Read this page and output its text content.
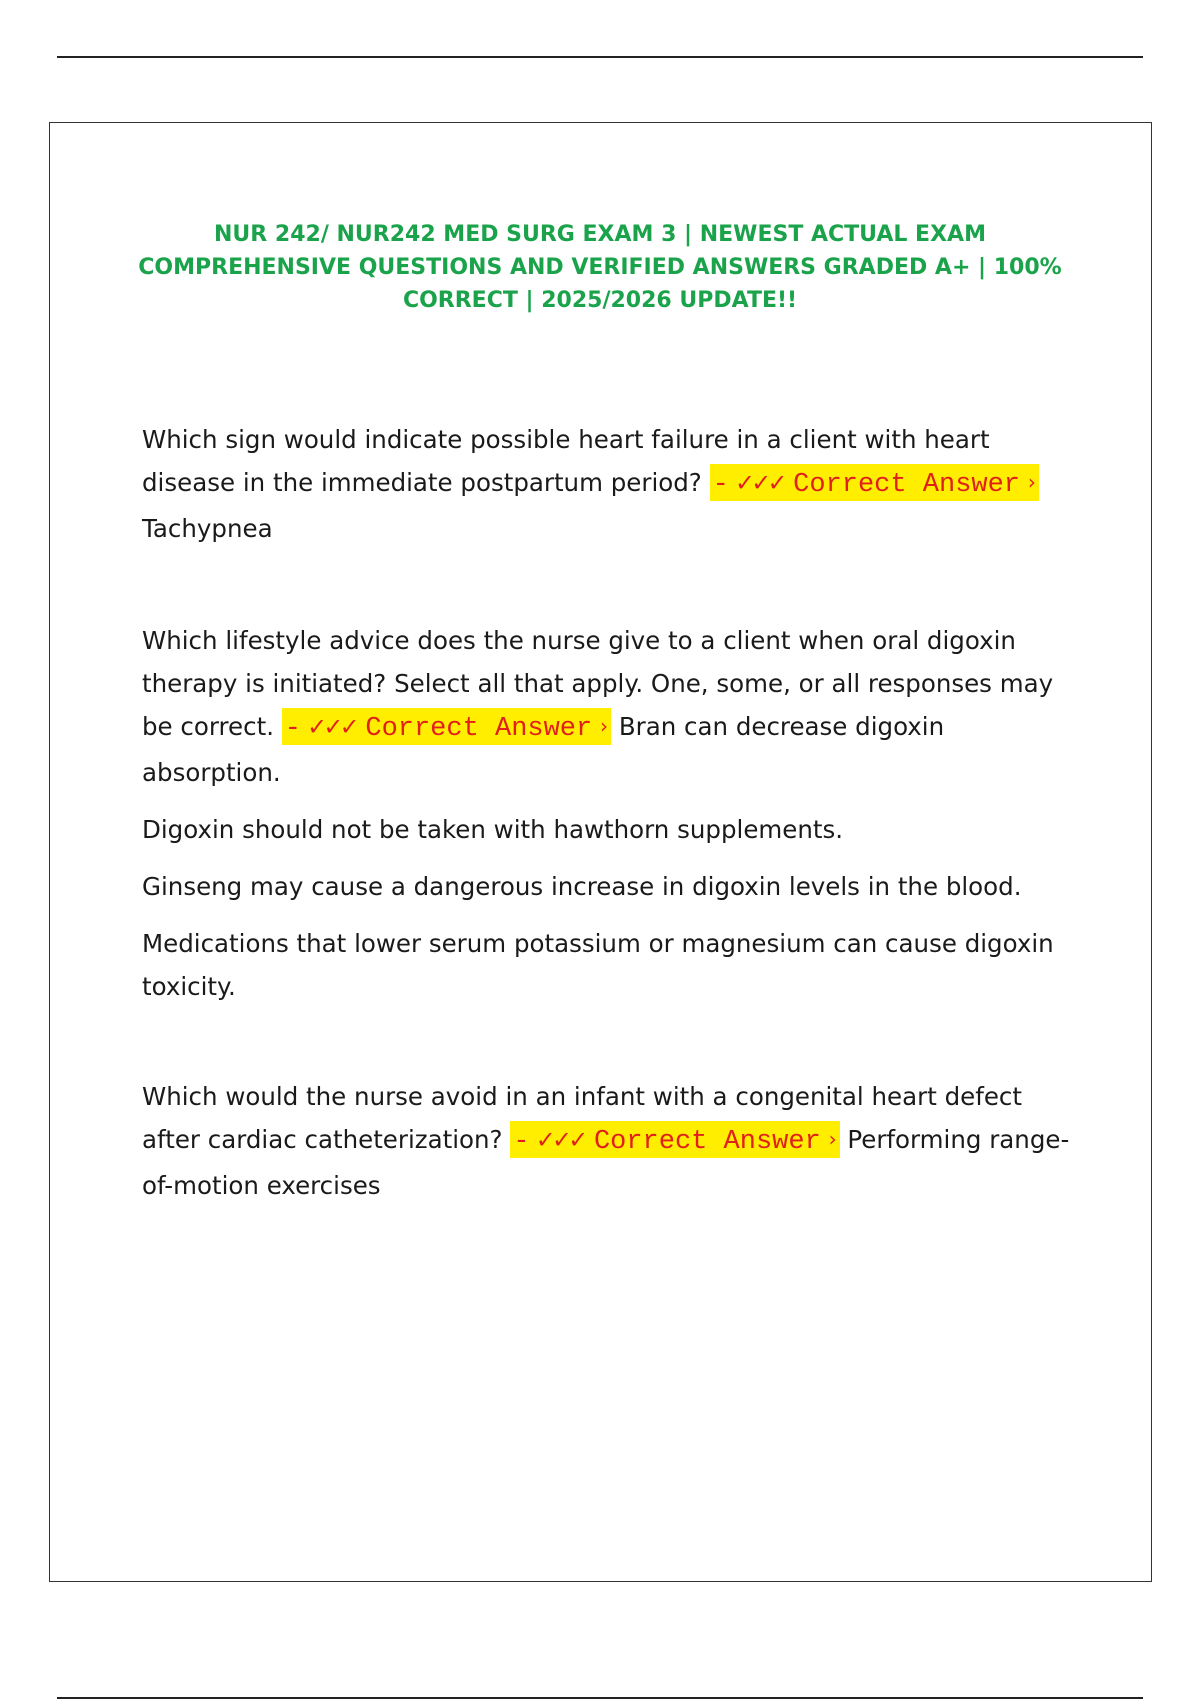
NUR 242/ NUR242 MED SURG EXAM 3 | NEWEST ACTUAL EXAM COMPREHENSIVE QUESTIONS AND VERIFIED ANSWERS GRADED A+ | 100% CORRECT | 2025/2026 UPDATE!!

Which sign would indicate possible heart failure in a client with heart disease in the immediate postpartum period? - ✓✓✓ Correct Answer › Tachypnea

Which lifestyle advice does the nurse give to a client when oral digoxin therapy is initiated? Select all that apply. One, some, or all responses may be correct. - ✓✓✓ Correct Answer › Bran can decrease digoxin absorption.

Digoxin should not be taken with hawthorn supplements.

Ginseng may cause a dangerous increase in digoxin levels in the blood.

Medications that lower serum potassium or magnesium can cause digoxin toxicity.

Which would the nurse avoid in an infant with a congenital heart defect after cardiac catheterization? - ✓✓✓ Correct Answer › Performing range-of-motion exercises
